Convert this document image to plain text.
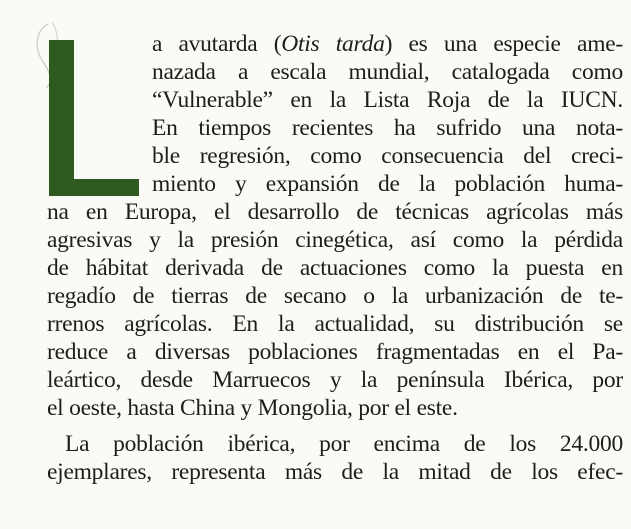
a avutarda (Otis tarda) es una especie ame-
nazada a escala mundial, catalogada como
“Vulnerable” en la Lista Roja de la IUCN.
En tiempos recientes ha sufrido una nota-
ble regresión, como consecuencia del creci-
miento y expansión de la población huma-
na en Europa, el desarrollo de técnicas agrícolas más
agresivas y la presión cinegética, así como la pérdida
de hábitat derivada de actuaciones como la puesta en
regadío de tierras de secano o la urbanización de te-
rrenos agrícolas. En la actualidad, su distribución se
reduce a diversas poblaciones fragmentadas en el Pa-
leártico, desde Marruecos y la península Ibérica, por
el oeste, hasta China y Mongolia, por el este.
La población ibérica, por encima de los 24.000
ejemplares, representa más de la mitad de los efec-
